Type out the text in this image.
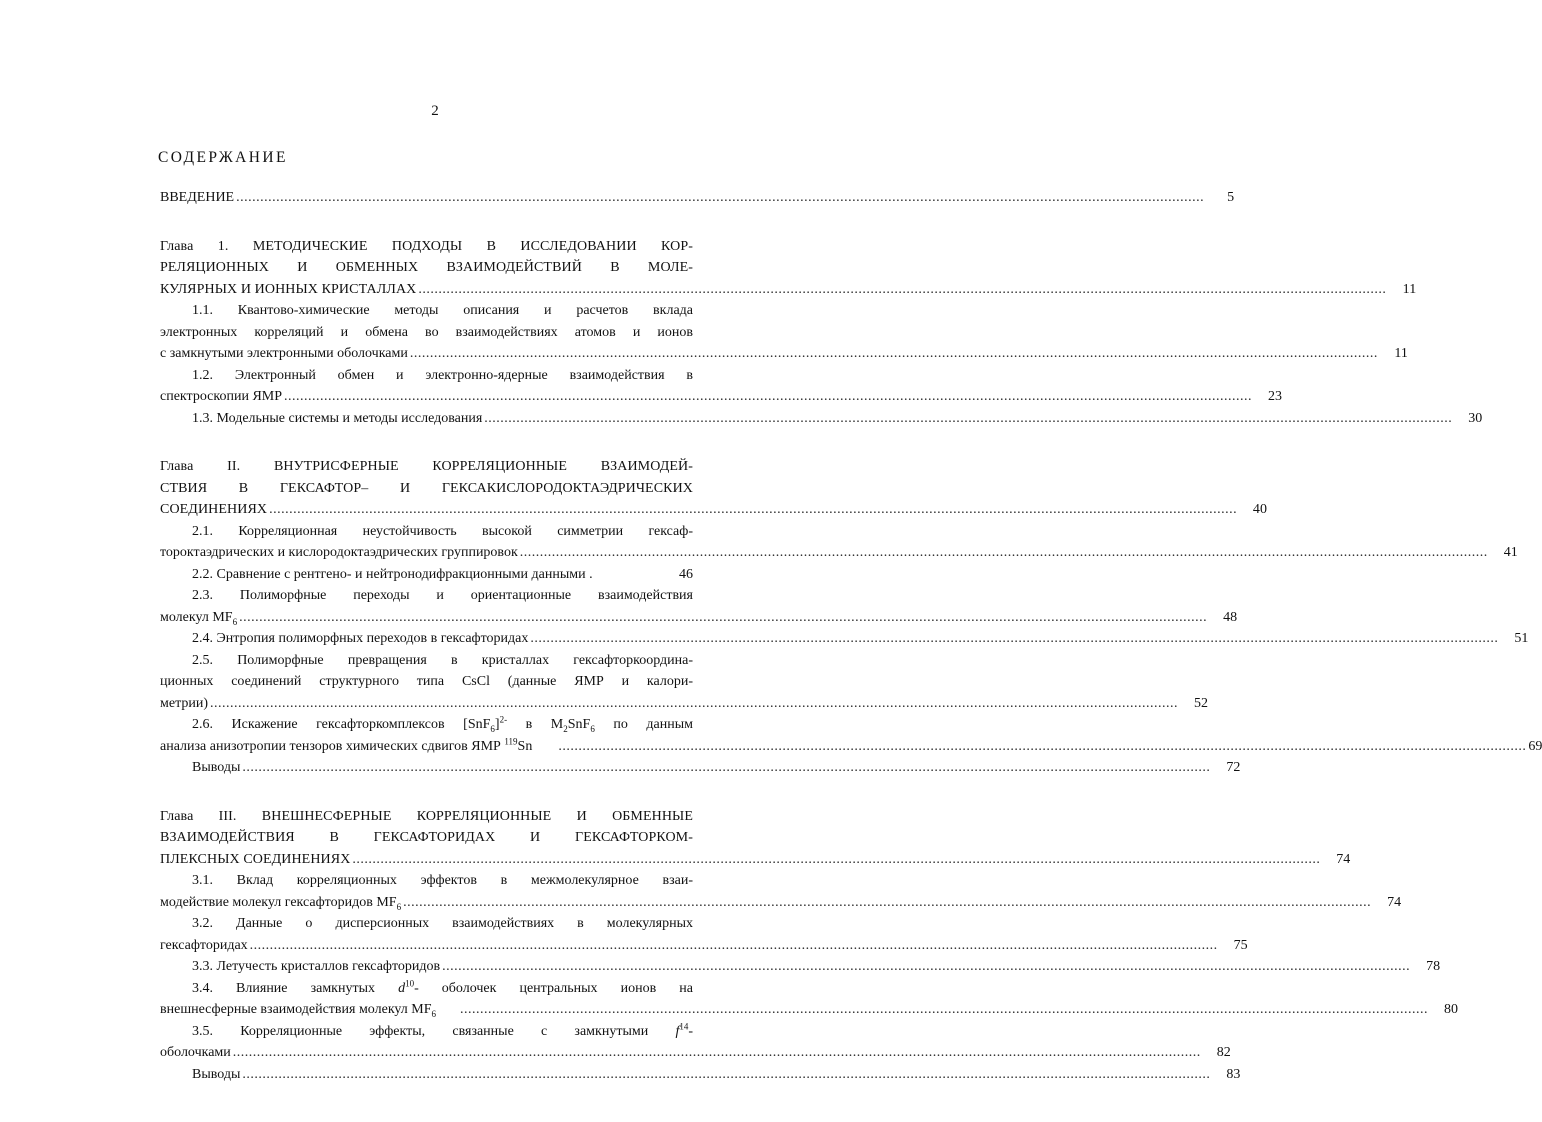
2
СОДЕРЖАНИЕ
ВВЕДЕНИЕ ..................................................................................................................................................................................................................................................	5
Глава 1. МЕТОДИЧЕСКИЕ ПОДХОДЫ В ИССЛЕДОВАНИИ КОР-
РЕЛЯЦИОННЫХ И ОБМЕННЫХ ВЗАИМОДЕЙСТВИЙ В МОЛЕ-
КУЛЯРНЫХ И ИОННЫХ КРИСТАЛЛАХ ..................................................................................................................................................................................................................................................	11
1.1. Квантово-химические методы описания и расчетов вклада
электронных корреляций и обмена во взаимодействиях атомов и ионов
с замкнутыми электронными оболочками ..................................................................................................................................................................................................................................................	11
1.2. Электронный обмен и электронно-ядерные взаимодействия в
спектроскопии ЯМР ..................................................................................................................................................................................................................................................	23
1.3. Модельные системы и методы исследования ..................................................................................................................................................................................................................................................	30
Глава II. ВНУТРИСФЕРНЫЕ КОРРЕЛЯЦИОННЫЕ ВЗАИМОДЕЙ-
СТВИЯ В ГЕКСАФТОР– И ГЕКСАКИСЛОРОДОКТАЭДРИЧЕСКИХ
СОЕДИНЕНИЯХ ..................................................................................................................................................................................................................................................	40
2.1. Корреляционная неустойчивость высокой симметрии гексаф-
тороктаэдрических и кислородоктаэдрических группировок ..................................................................................................................................................................................................................................................	41
2.2. Сравнение с рентгено- и нейтронодифракционными данными .	46
2.3. Полиморфные переходы и ориентационные взаимодействия
молекул $MF_6$ ..................................................................................................................................................................................................................................................	48
2.4. Энтропия полиморфных переходов в гексафторидах ..................................................................................................................................................................................................................................................	51
2.5. Полиморфные превращения в кристаллах гексафторкоордина-
ционных соединений структурного типа CsCl (данные ЯМР и калори-
метрии) ..................................................................................................................................................................................................................................................	52
2.6. Искажение гексафторкомплексов $[SnF_6]^{2-}$ в $M_2SnF_6$ по данным
анализа анизотропии тензоров химических сдвигов ЯМР $^{119}$Sn .................................................................................................................................................................................................................................................. 69
Выводы ..................................................................................................................................................................................................................................................	72
Глава III. ВНЕШНЕСФЕРНЫЕ КОРРЕЛЯЦИОННЫЕ И ОБМЕННЫЕ
ВЗАИМОДЕЙСТВИЯ В ГЕКСАФТОРИДАХ И ГЕКСАФТОРКОМ-
ПЛЕКСНЫХ СОЕДИНЕНИЯХ ..................................................................................................................................................................................................................................................	74
3.1. Вклад корреляционных эффектов в межмолекулярное взаи-
модействие молекул гексафторидов $MF_6$ ..................................................................................................................................................................................................................................................	74
3.2. Данные о дисперсионных взаимодействиях в молекулярных
гексафторидах ..................................................................................................................................................................................................................................................	75
3.3. Летучесть кристаллов гексафторидов ..................................................................................................................................................................................................................................................	78
3.4. Влияние замкнутых $d^{10}-$ оболочек центральных ионов на
внешнесферные взаимодействия молекул $MF_6$ ..................................................................................................................................................................................................................................................	80
3.5. Корреляционные эффекты, связанные с замкнутыми $f^{14}-$
оболочками ..................................................................................................................................................................................................................................................	82
Выводы ..................................................................................................................................................................................................................................................	83
